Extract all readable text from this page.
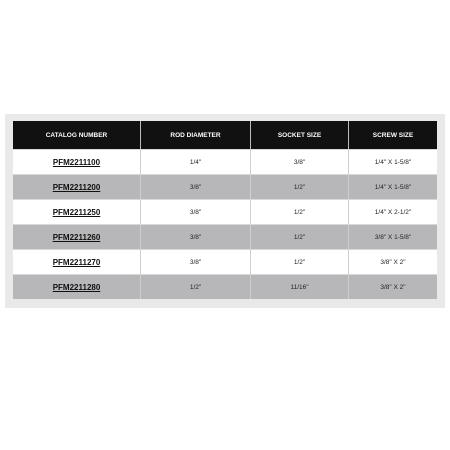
CATALOG NUMBER	ROD DIAMETER	SOCKET SIZE	SCREW SIZE
PFM2211100	1/4"	3/8"	1/4" X 1-5/8"
PFM2211200	3/8"	1/2"	1/4" X 1-5/8"
PFM2211250	3/8"	1/2"	1/4" X 2-1/2"
PFM2211260	3/8"	1/2"	3/8" X 1-5/8"
PFM2211270	3/8"	1/2"	3/8" X 2"
PFM2211280	1/2"	11/16"	3/8" X 2"
